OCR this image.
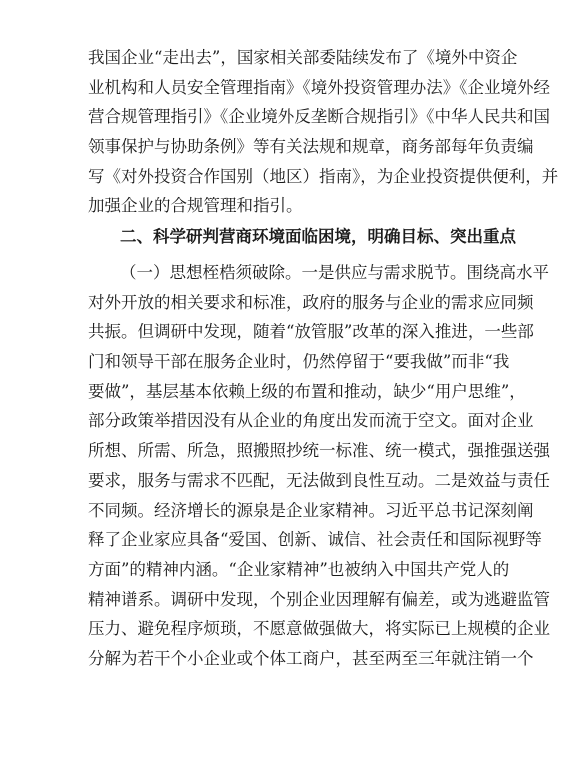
我国企业“走出去”，国家相关部委陆续发布了《境外中资企
业机构和人员安全管理指南》《境外投资管理办法》《企业境外经
营合规管理指引》《企业境外反垄断合规指引》《中华人民共和国
领事保护与协助条例》等有关法规和规章，商务部每年负责编
写《对外投资合作国别（地区）指南》，为企业投资提供便利，并
加强企业的合规管理和指引。
二、科学研判营商环境面临困境，明确目标、突出重点
（一）思想桎梏须破除。一是供应与需求脱节。围绕高水平
对外开放的相关要求和标准，政府的服务与企业的需求应同频
共振。但调研中发现，随着“放管服”改革的深入推进，一些部
门和领导干部在服务企业时，仍然停留于“要我做”而非“我
要做”，基层基本依赖上级的布置和推动，缺少“用户思维”，
部分政策举措因没有从企业的角度出发而流于空文。面对企业
所想、所需、所急，照搬照抄统一标准、统一模式，强推强送强
要求，服务与需求不匹配，无法做到良性互动。二是效益与责任
不同频。经济增长的源泉是企业家精神。习近平总书记深刻阐
释了企业家应具备“爱国、创新、诚信、社会责任和国际视野等
方面”的精神内涵。“企业家精神”也被纳入中国共产党人的
精神谱系。调研中发现，个别企业因理解有偏差，或为逃避监管
压力、避免程序烦琐，不愿意做强做大，将实际已上规模的企业
分解为若干个小企业或个体工商户，甚至两至三年就注销一个
